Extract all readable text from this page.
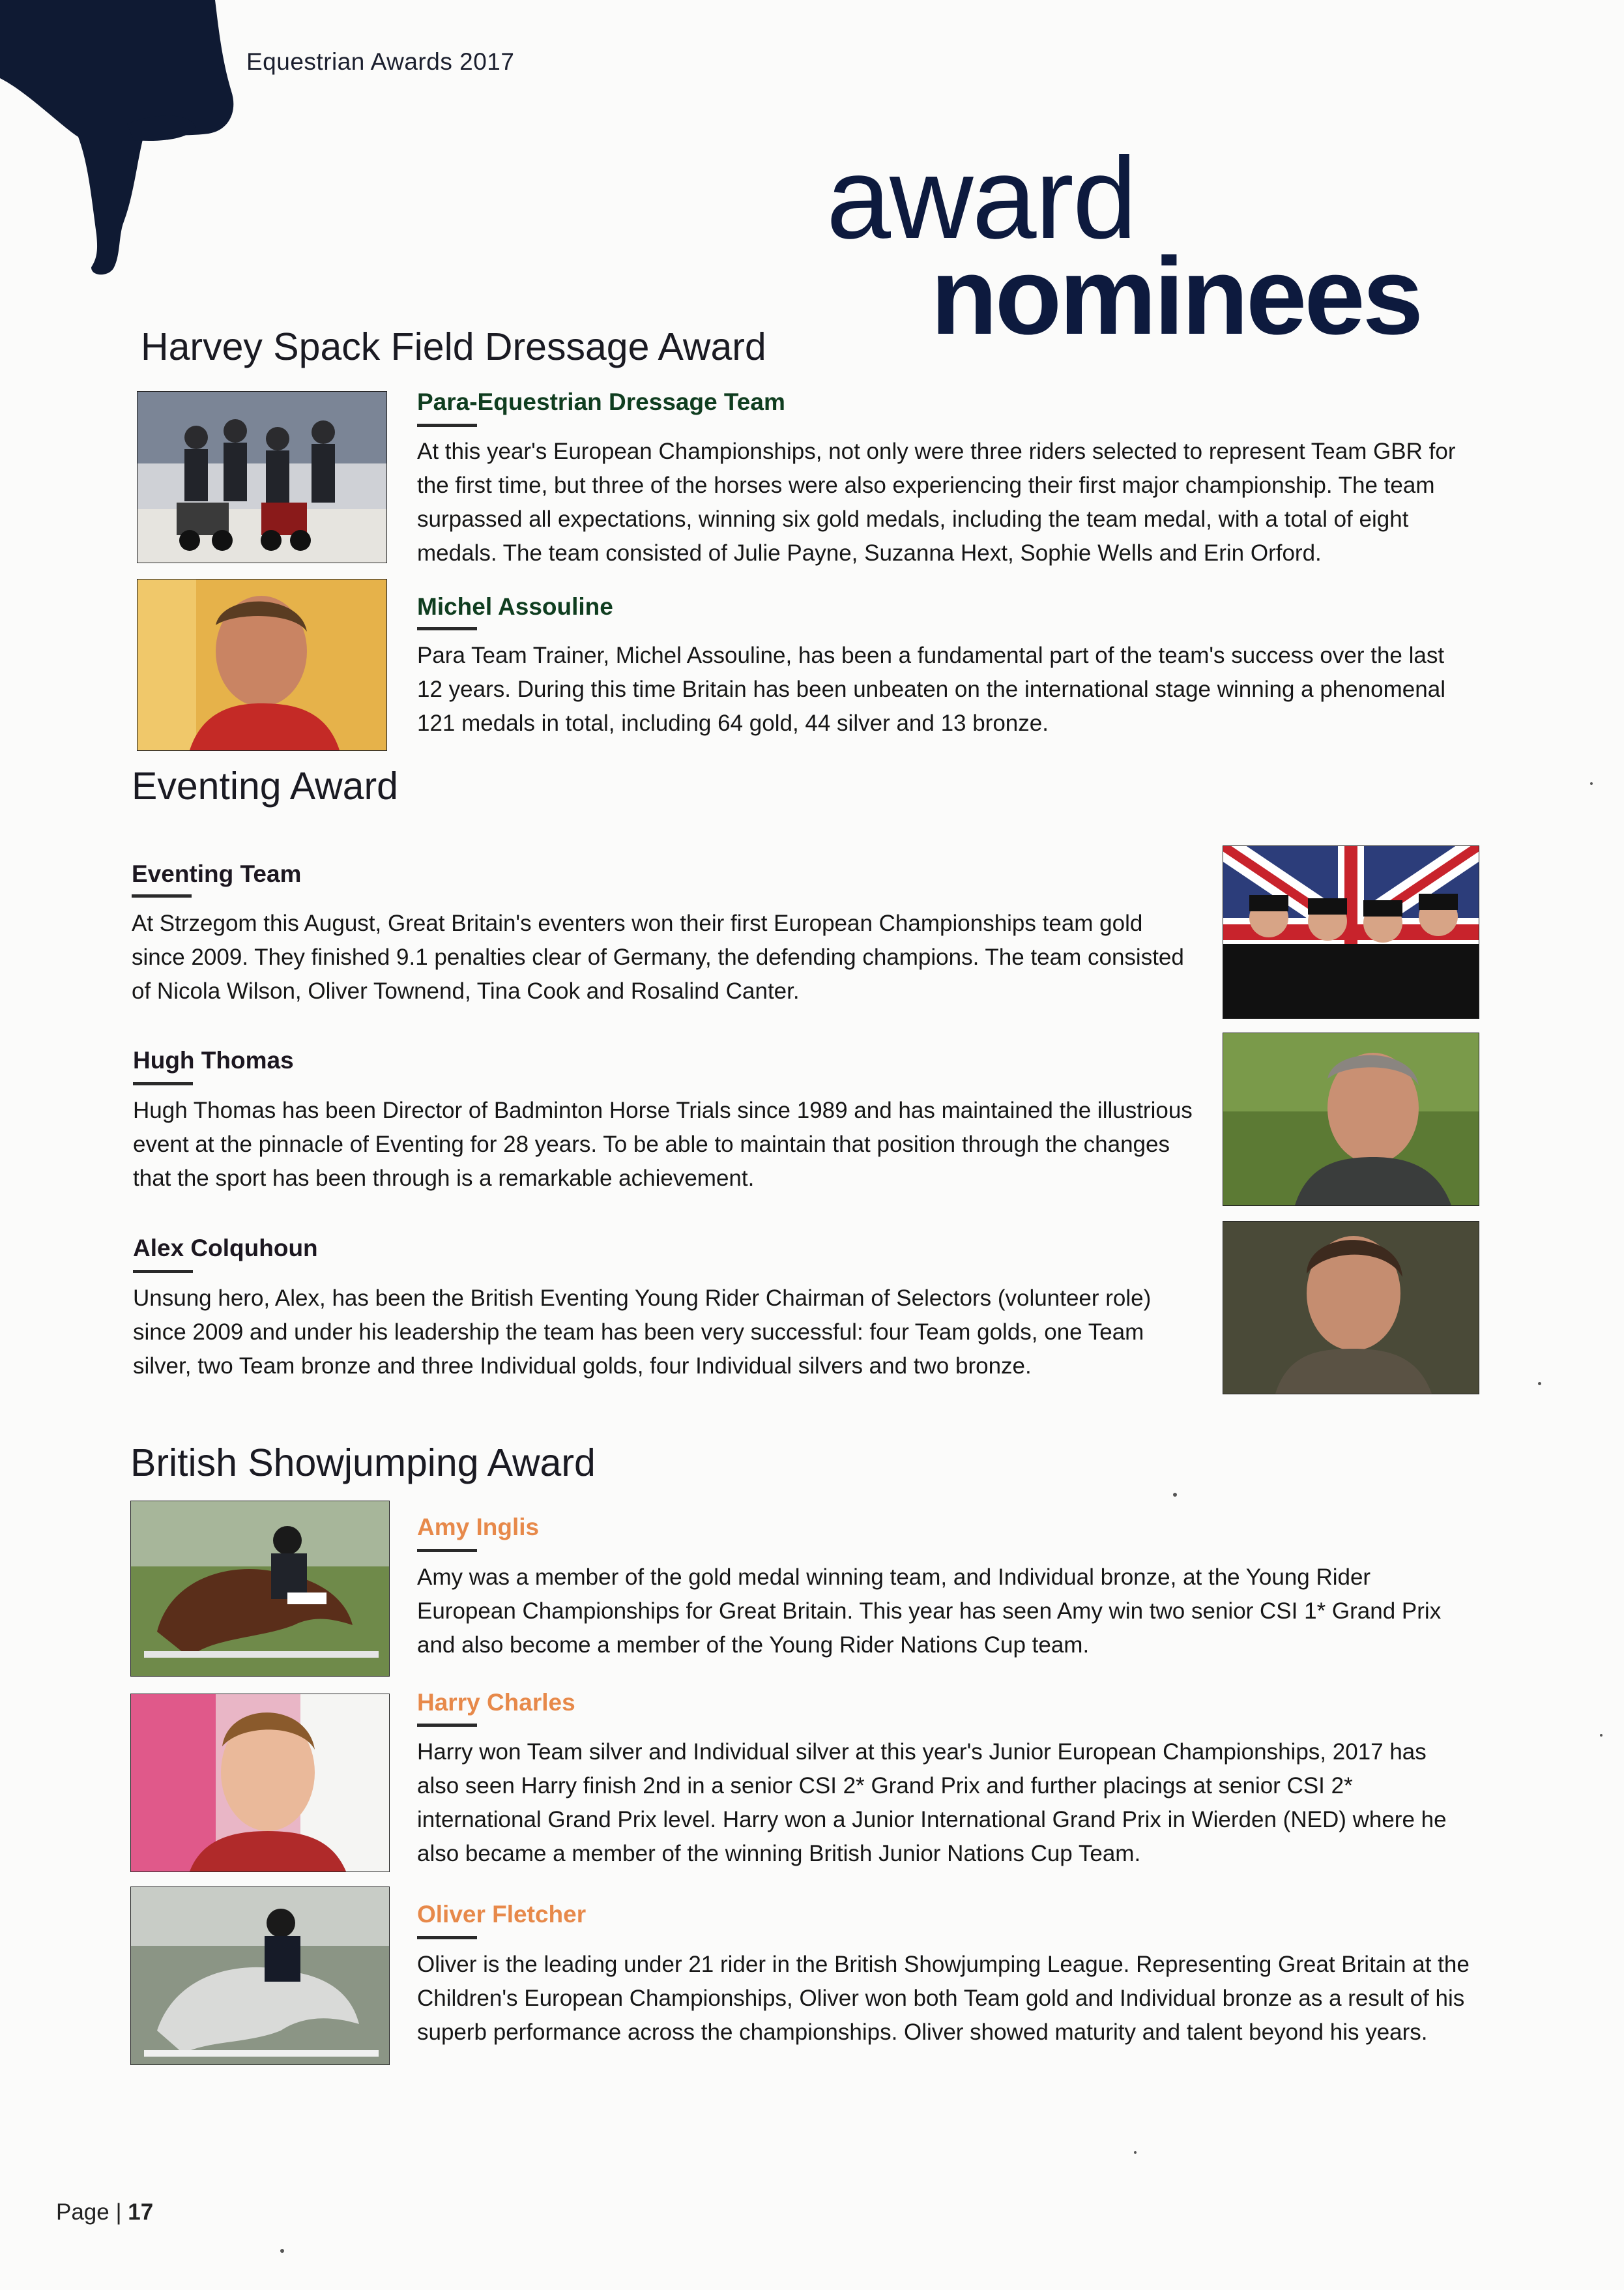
Equestrian Awards 2017
award
nominees
Harvey Spack Field Dressage Award
Para-Equestrian Dressage Team
At this year's European Championships, not only were three riders selected to represent Team GBR for the first time, but three of the horses were also experiencing their first major championship. The team surpassed all expectations, winning six gold medals, including the team medal, with a total of eight medals. The team consisted of Julie Payne, Suzanna Hext, Sophie Wells and Erin Orford.
Michel Assouline
Para Team Trainer, Michel Assouline, has been a fundamental part of the team's success over the last 12 years. During this time Britain has been unbeaten on the international stage winning a phenomenal 121 medals in total, including 64 gold, 44 silver and 13 bronze.
Eventing Award
Eventing Team
At Strzegom this August, Great Britain's eventers won their first European Championships team gold since 2009. They finished 9.1 penalties clear of Germany, the defending champions. The team consisted of Nicola Wilson, Oliver Townend, Tina Cook and Rosalind Canter.
Hugh Thomas
Hugh Thomas has been Director of Badminton Horse Trials since 1989 and has maintained the illustrious event at the pinnacle of Eventing for 28 years. To be able to maintain that position through the changes that the sport has been through is a remarkable achievement.
Alex Colquhoun
Unsung hero, Alex, has been the British Eventing Young Rider Chairman of Selectors (volunteer role) since 2009 and under his leadership the team has been very successful: four Team golds, one Team silver, two Team bronze and three Individual golds, four Individual silvers and two bronze.
British Showjumping Award
Amy Inglis
Amy was a member of the gold medal winning team, and Individual bronze, at the Young Rider European Championships for Great Britain. This year has seen Amy win two senior CSI 1* Grand Prix and also become a member of the Young Rider Nations Cup team.
Harry Charles
Harry won Team silver and Individual silver at this year's Junior European Championships, 2017 has also seen Harry finish 2nd in a senior CSI 2* Grand Prix and further placings at senior CSI 2* international Grand Prix level. Harry won a Junior International Grand Prix in Wierden (NED) where he also became a member of the winning British Junior Nations Cup Team.
Oliver Fletcher
Oliver is the leading under 21 rider in the British Showjumping League. Representing Great Britain at the Children's European Championships, Oliver won both Team gold and Individual bronze as a result of his superb performance across the championships. Oliver showed maturity and talent beyond his years.
Page | 17
